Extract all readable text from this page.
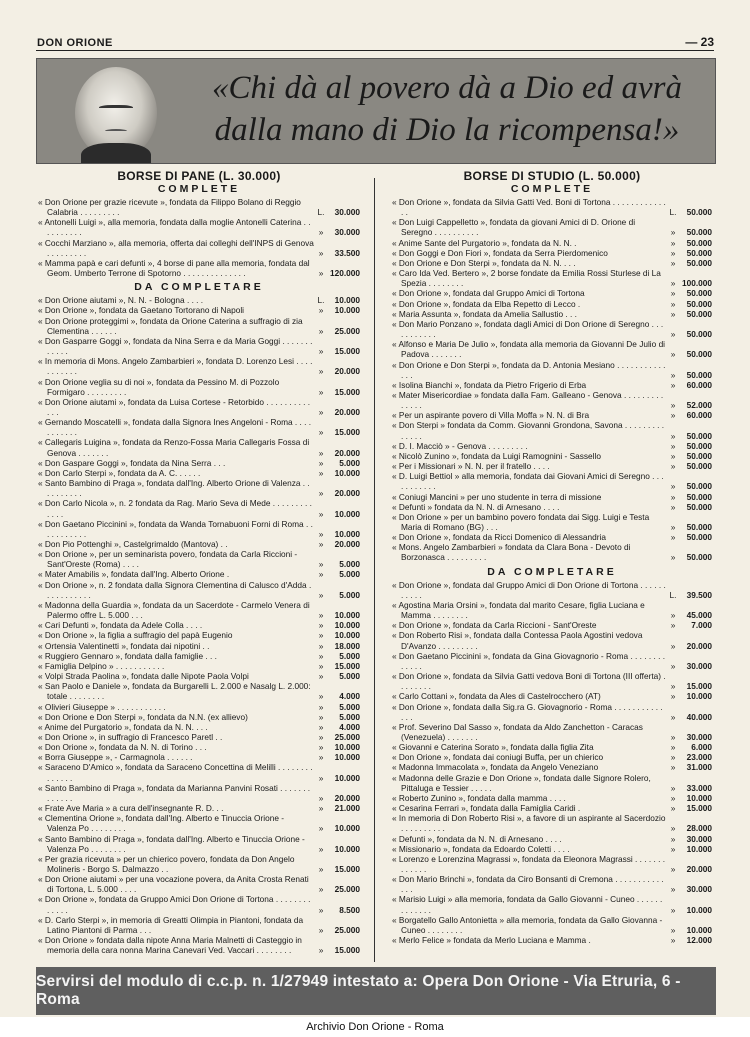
DON ORIONE	— 23
«Chi dà al povero dà a Dio ed avrà
dalla mano di Dio la ricompensa!»
BORSE DI PANE (L. 30.000)
COMPLETE
« Don Orione per grazie ricevute », fondata da Filippo Bolano di Reggio Calabria . . . . . . . . .	L.	30.000
« Antonelli Luigi », alla memoria, fondata dalla moglie Antonelli Caterina . . . . . . . . . .	»	30.000
« Cocchi Marziano », alla memoria, offerta dai colleghi dell'INPS di Genova . . . . . . . . .	»	33.500
« Mamma papà e cari defunti », 4 borse di pane alla memoria, fondata dal Geom. Umberto Terrone di Spotorno . . . . . . . . . . . . . .	» 120.000
DA COMPLETARE
« Don Orione aiutami », N. N. - Bologna . . . .	L.	10.000
« Don Orione », fondata da Gaetano Tortorano di Napoli	»	10.000
« Don Orione proteggimi », fondata da Orione Caterina a suffragio di zia Clementina . . . . . .	»	25.000
« Don Gasparre Goggi », fondata da Nina Serra e da Maria Goggi . . . . . . . . . . . .	»	15.000
« In memoria di Mons. Angelo Zambarbieri », fondata D. Lorenzo Lesi . . . . . . . . . . .	»	20.000
« Don Orione veglia su di noi », fondata da Pessino M. di Pozzolo Formigaro . . . . . . . . .	»	15.000
« Don Orione aiutami », fondata da Luisa Cortese - Retorbido . . . . . . . . . . . . .	»	20.000
« Gernando Moscatelli », fondata dalla Signora Ines Angeloni - Roma . . . . . . . . . . .	»	15.000
« Callegaris Luigina », fondata da Renzo-Fossa Maria Callegaris Fossa di Genova . . . . . . .	»	20.000
« Don Gaspare Goggi », fondata da Nina Serra . . .	»	5.000
« Don Carlo Sterpi », fondata da A. C. . . . . .	»	10.000
« Santo Bambino di Praga », fondata dall'Ing. Alberto Orione di Valenza . . . . . . . . . .	»	20.000
« Don Carlo Nicola », n. 2 fondata da Rag. Mario Seva di Mede . . . . . . . . . . . . .	»	10.000
« Don Gaetano Piccinini », fondata da Wanda Tornabuoni Forni di Roma . . . . . . . . . . .	»	10.000
« Don Pio Pottenghi », Castelgrimaldo (Mantova) . .	»	20.000
« Don Orione », per un seminarista povero, fondata da Carla Riccioni - Sant'Oreste (Roma) . . . .	»	5.000
« Mater Amabilis », fondata dall'Ing. Alberto Orione .	»	5.000
« Don Orione », n. 2 fondata dalla Signora Clementina di Calusco d'Adda . . . . . . . . . . .	»	5.000
« Madonna della Guardia », fondata da un Sacerdote - Carmelo Venera di Palermo offre L. 5.000 . . .	»	10.000
« Cari Defunti », fondata da Adele Colla . . . .	»	10.000
« Don Orione », la figlia a suffragio del papà Eugenio	»	10.000
« Ortensia Valentinetti », fondata dai nipotini . .	»	18.000
« Ruggiero Gennaro », fondata dalla famiglie . . .	»	5.000
« Famiglia Delpino » . . . . . . . . . . .	»	15.000
« Volpi Strada Paolina », fondata dalle Nipote Paola Volpi	»	5.000
« San Paolo e Daniele », fondata da Burgarelli L. 2.000 e Nasalg L. 2.000: totale . . . . . . . .	»	4.000
« Olivieri Giuseppe » . . . . . . . . . . .	»	5.000
« Don Orione e Don Sterpi », fondata da N.N. (ex allievo)	»	5.000
« Anime del Purgatorio », fondata da N. N. . . .	»	4.000
« Don Orione », in suffragio di Francesco Paretl . .	»	25.000
« Don Orione », fondata da N. N. di Torino . . .	»	10.000
« Borra Giuseppe », - Carmagnola . . . . . .	»	10.000
« Saraceno D'Amico », fondata da Saraceno Concettina di Melilli . . . . . . . . . . . . . .	»	10.000
« Santo Bambino di Praga », fondata da Marianna Panvini Rosati . . . . . . . . . . . . .	»	20.000
« Frate Ave Maria » a cura dell'insegnante R. D. . .	»	21.000
« Clementina Orione », fondata dall'Ing. Alberto e Tinuccia Orione - Valenza Po . . . . . . . .	»	10.000
« Santo Bambino di Praga », fondata dall'Ing. Alberto e Tinuccia Orione - Valenza Po . . . . . . . .	»	10.000
« Per grazia ricevuta » per un chierico povero, fondata da Don Angelo Molineris - Borgo S. Dalmazzo . .	»	15.000
« Don Orione aiutami » per una vocazione povera, da Anita Crosta Renati di Tortona, L. 5.000 . . . .	»	25.000
« Don Orione », fondata da Gruppo Amici Don Orione di Tortona . . . . . . . . . . . . .	»	8.500
« D. Carlo Sterpi », in memoria di Greatti Olimpia in Piantoni, fondata da Latino Piantoni di Parma . . .	»	25.000
« Don Orione » fondata dalla nipote Anna Maria Malnetti di Casteggio in memoria della cara nonna Marina Canevari Ved. Vaccari . . . . . . . .	»	15.000
BORSE DI STUDIO (L. 50.000)
COMPLETE
« Don Orione », fondata da Silvia Gatti Ved. Boni di Tortona . . . . . . . . . . . . . .	L.	50.000
« Don Luigi Cappelletto », fondata da giovani Amici di D. Orione di Seregno . . . . . . . . . .	»	50.000
« Anime Sante del Purgatorio », fondata da N. N. .	»	50.000
« Don Goggi e Don Fiori », fondata da Serra Pierdomenico	»	50.000
« Don Orione e Don Sterpi », fondata da N. N. . . .	»	50.000
« Caro Ida Ved. Bertero », 2 borse fondate da Emilia Rossi Sturlese di La Spezia . . . . . . . .	» 100.000
« Don Orione », fondata dal Gruppo Amici di Tortona	»	50.000
« Don Orione », fondata da Elba Repetto di Lecco .	»	50.000
« Maria Assunta », fondata da Amelia Sallustio . . .	»	50.000
« Don Mario Ponzano », fondata dagli Amici di Don Orione di Seregno . . . . . . . . . . .	»	50.000
« Alfonso e Maria De Julio », fondata alla memoria da Giovanni De Julio di Padova . . . . . . .	»	50.000
« Don Orione e Don Sterpi », fondata da D. Antonia Mesiano . . . . . . . . . . . . . .	»	50.000
« Isolina Bianchi », fondata da Pietro Frigerio di Erba	»	60.000
« Mater Misericordiae » fondata dalla Fam. Galleano - Genova . . . . . . . . . . . . . .	»	52.000
« Per un aspirante povero di Villa Moffa » N. N. di Bra	»	60.000
« Don Sterpi » fondata da Comm. Giovanni Grondona, Savona . . . . . . . . . . . . . .	»	50.000
« D. I. Macciò » - Genova . . . . . . . . .	»	50.000
« Nicolò Zunino », fondata da Luigi Ramognini - Sassello	»	50.000
« Per i Missionari » N. N. per il fratello . . . .	»	50.000
« D. Luigi Bettiol » alla memoria, fondata dai Giovani Amici di Seregno . . . . . . . . . . .	»	50.000
« Coniugi Mancini » per uno studente in terra di missione	»	50.000
« Defunti » fondata da N. N. di Arnesano . . . .	»	50.000
« Don Orione » per un bambino povero fondata dai Sigg. Luigi e Testa Maria di Romano (BG) . . .	»	50.000
« Don Orione », fondata da Ricci Domenico di Alessandria	»	50.000
« Mons. Angelo Zambarbieri » fondata da Clara Bona - Devoto di Borzonasca . . . . . . . . .	»	50.000
DA COMPLETARE
« Don Orione », fondata dal Gruppo Amici di Don Orione di Tortona . . . . . . . . . . .	L.	39.500
« Agostina Maria Orsini », fondata dal marito Cesare, figlia Luciana e Mamma . . . . . . . .	»	45.000
« Don Orione », fondata da Carla Riccioni - Sant'Oreste	»	7.000
« Don Roberto Risi », fondata dalla Contessa Paola Agostini vedova D'Avanzo . . . . . . . . .	»	20.000
« Don Gaetano Piccinini », fondata da Gina Giovagnorio - Roma . . . . . . . . . . . . .	»	30.000
« Don Orione », fondata da Silvia Gatti vedova Boni di Tortona (III offerta) . . . . . . . .	»	15.000
« Carlo Cottani », fondata da Ales di Castelrocchero (AT)	»	10.000
« Don Orione », fondata dalla Sig.ra G. Giovagnorio - Roma . . . . . . . . . . . . . .	»	40.000
« Prof. Severino Dal Sasso », fondata da Aldo Zanchetton - Caracas (Venezuela) . . . . . . .	»	30.000
« Giovanni e Caterina Sorato », fondata dalla figlia Zita	»	6.000
« Don Orione », fondata dai coniugi Buffa, per un chierico	»	23.000
« Madonna Immacolata », fondata da Angelo Veneziano	»	31.000
« Madonna delle Grazie e Don Orione », fondata dalle Signore Rolero, Pittaluga e Tessier . . . . .	»	33.000
« Roberto Zunino », fondata dalla mamma . . . .	»	10.000
« Cesarina Ferrari », fondata dalla Famiglia Caridi .	»	15.000
« In memoria di Don Roberto Risi », a favore di un aspirante al Sacerdozio . . . . . . . . . .	»	28.000
« Defunti », fondata da N. N. di Arnesano . . . .	»	30.000
« Missionario », fondata da Edoardo Coletti . . . .	»	10.000
« Lorenzo e Lorenzina Magrassi », fondata da Eleonora Magrassi . . . . . . . . . . . . .	»	20.000
« Don Mario Brinchi », fondata da Ciro Bonsanti di Cremona . . . . . . . . . . . . . .	»	30.000
« Marisio Luigi » alla memoria, fondata da Gallo Giovanni - Cuneo . . . . . . . . . . . . .	»	10.000
« Borgatello Gallo Antonietta » alla memoria, fondata da Gallo Giovanna - Cuneo . . . . . . . .	»	10.000
« Merlo Felice » fondata da Merlo Luciana e Mamma .	»	12.000
Servirsi del modulo di c.c.p. n. 1/27949 intestato a: Opera Don Orione - Via Etruria, 6 - Roma
Archivio Don Orione - Roma
